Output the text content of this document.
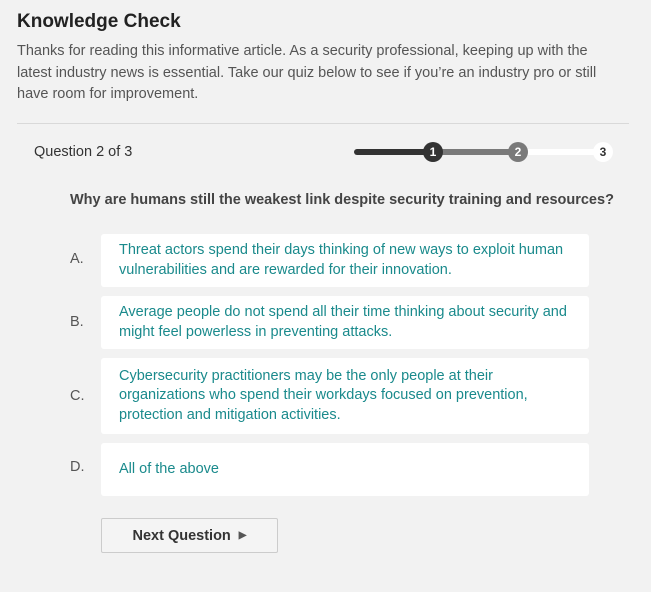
Knowledge Check

Thanks for reading this informative article. As a security professional, keeping up with the latest industry news is essential. Take our quiz below to see if you’re an industry pro or still have room for improvement.

Question 2 of 3	1	2	3

Why are humans still the weakest link despite security training and resources?

A.
Threat actors spend their days thinking of new ways to exploit human vulnerabilities and are rewarded for their innovation.
B.
Average people do not spend all their time thinking about security and might feel powerless in preventing attacks.
C.
Cybersecurity practitioners may be the only people at their organizations who spend their workdays focused on prevention, protection and mitigation activities.
D. All of the above
Next Question ▶
